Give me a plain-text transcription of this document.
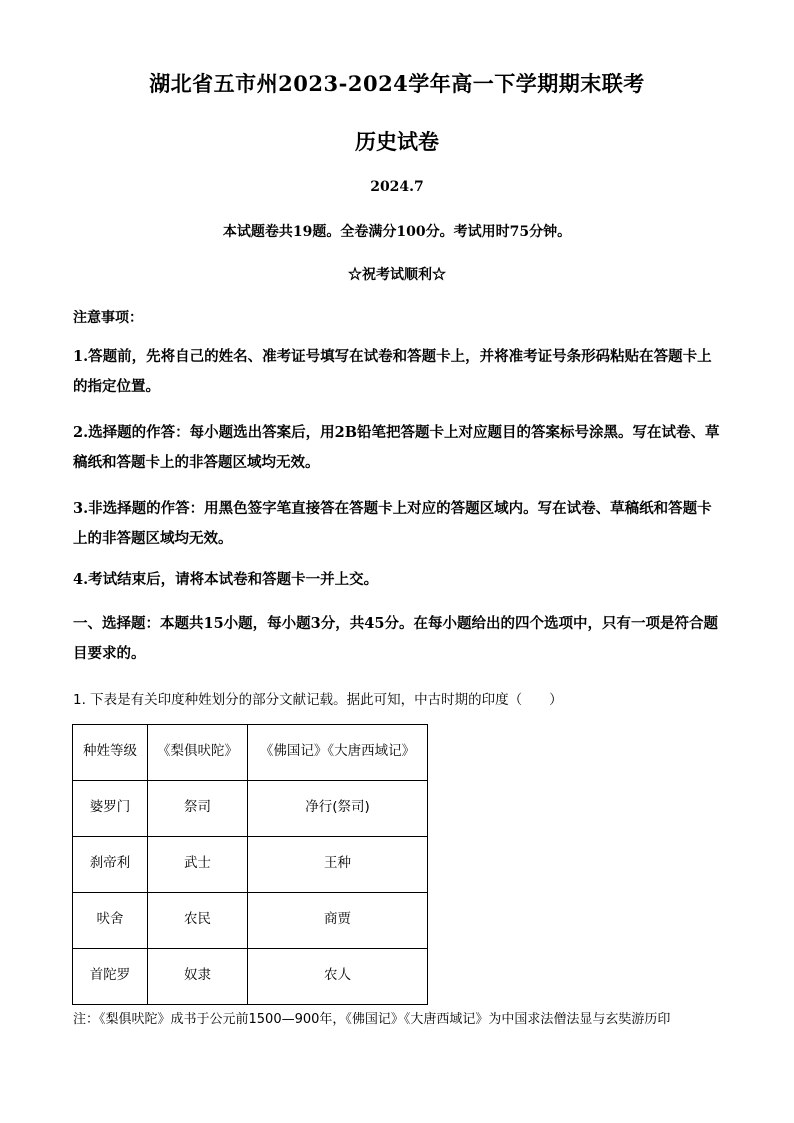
湖北省五市州2023-2024学年高一下学期期末联考
历史试卷
2024.7
本试题卷共19题。全卷满分100分。考试用时75分钟。
☆祝考试顺利☆
注意事项：
1.答题前，先将自己的姓名、准考证号填写在试卷和答题卡上，并将准考证号条形码粘贴在答题卡上的指定位置。
2.选择题的作答：每小题选出答案后，用2B铅笔把答题卡上对应题目的答案标号涂黑。写在试卷、草稿纸和答题卡上的非答题区域均无效。
3.非选择题的作答：用黑色签字笔直接答在答题卡上对应的答题区域内。写在试卷、草稿纸和答题卡上的非答题区域均无效。
4.考试结束后，请将本试卷和答题卡一并上交。
一、选择题：本题共15小题，每小题3分，共45分。在每小题给出的四个选项中，只有一项是符合题目要求的。
1. 下表是有关印度种姓划分的部分文献记载。据此可知，中古时期的印度（　　）
种姓等级	《梨俱吠陀》	《佛国记》《大唐西域记》
婆罗门	祭司	净行(祭司)
刹帝利	武士	王种
吠舍	农民	商贾
首陀罗	奴隶	农人
注：《梨俱吠陀》成书于公元前1500—900年，《佛国记》《大唐西域记》为中国求法僧法显与玄奘游历印
